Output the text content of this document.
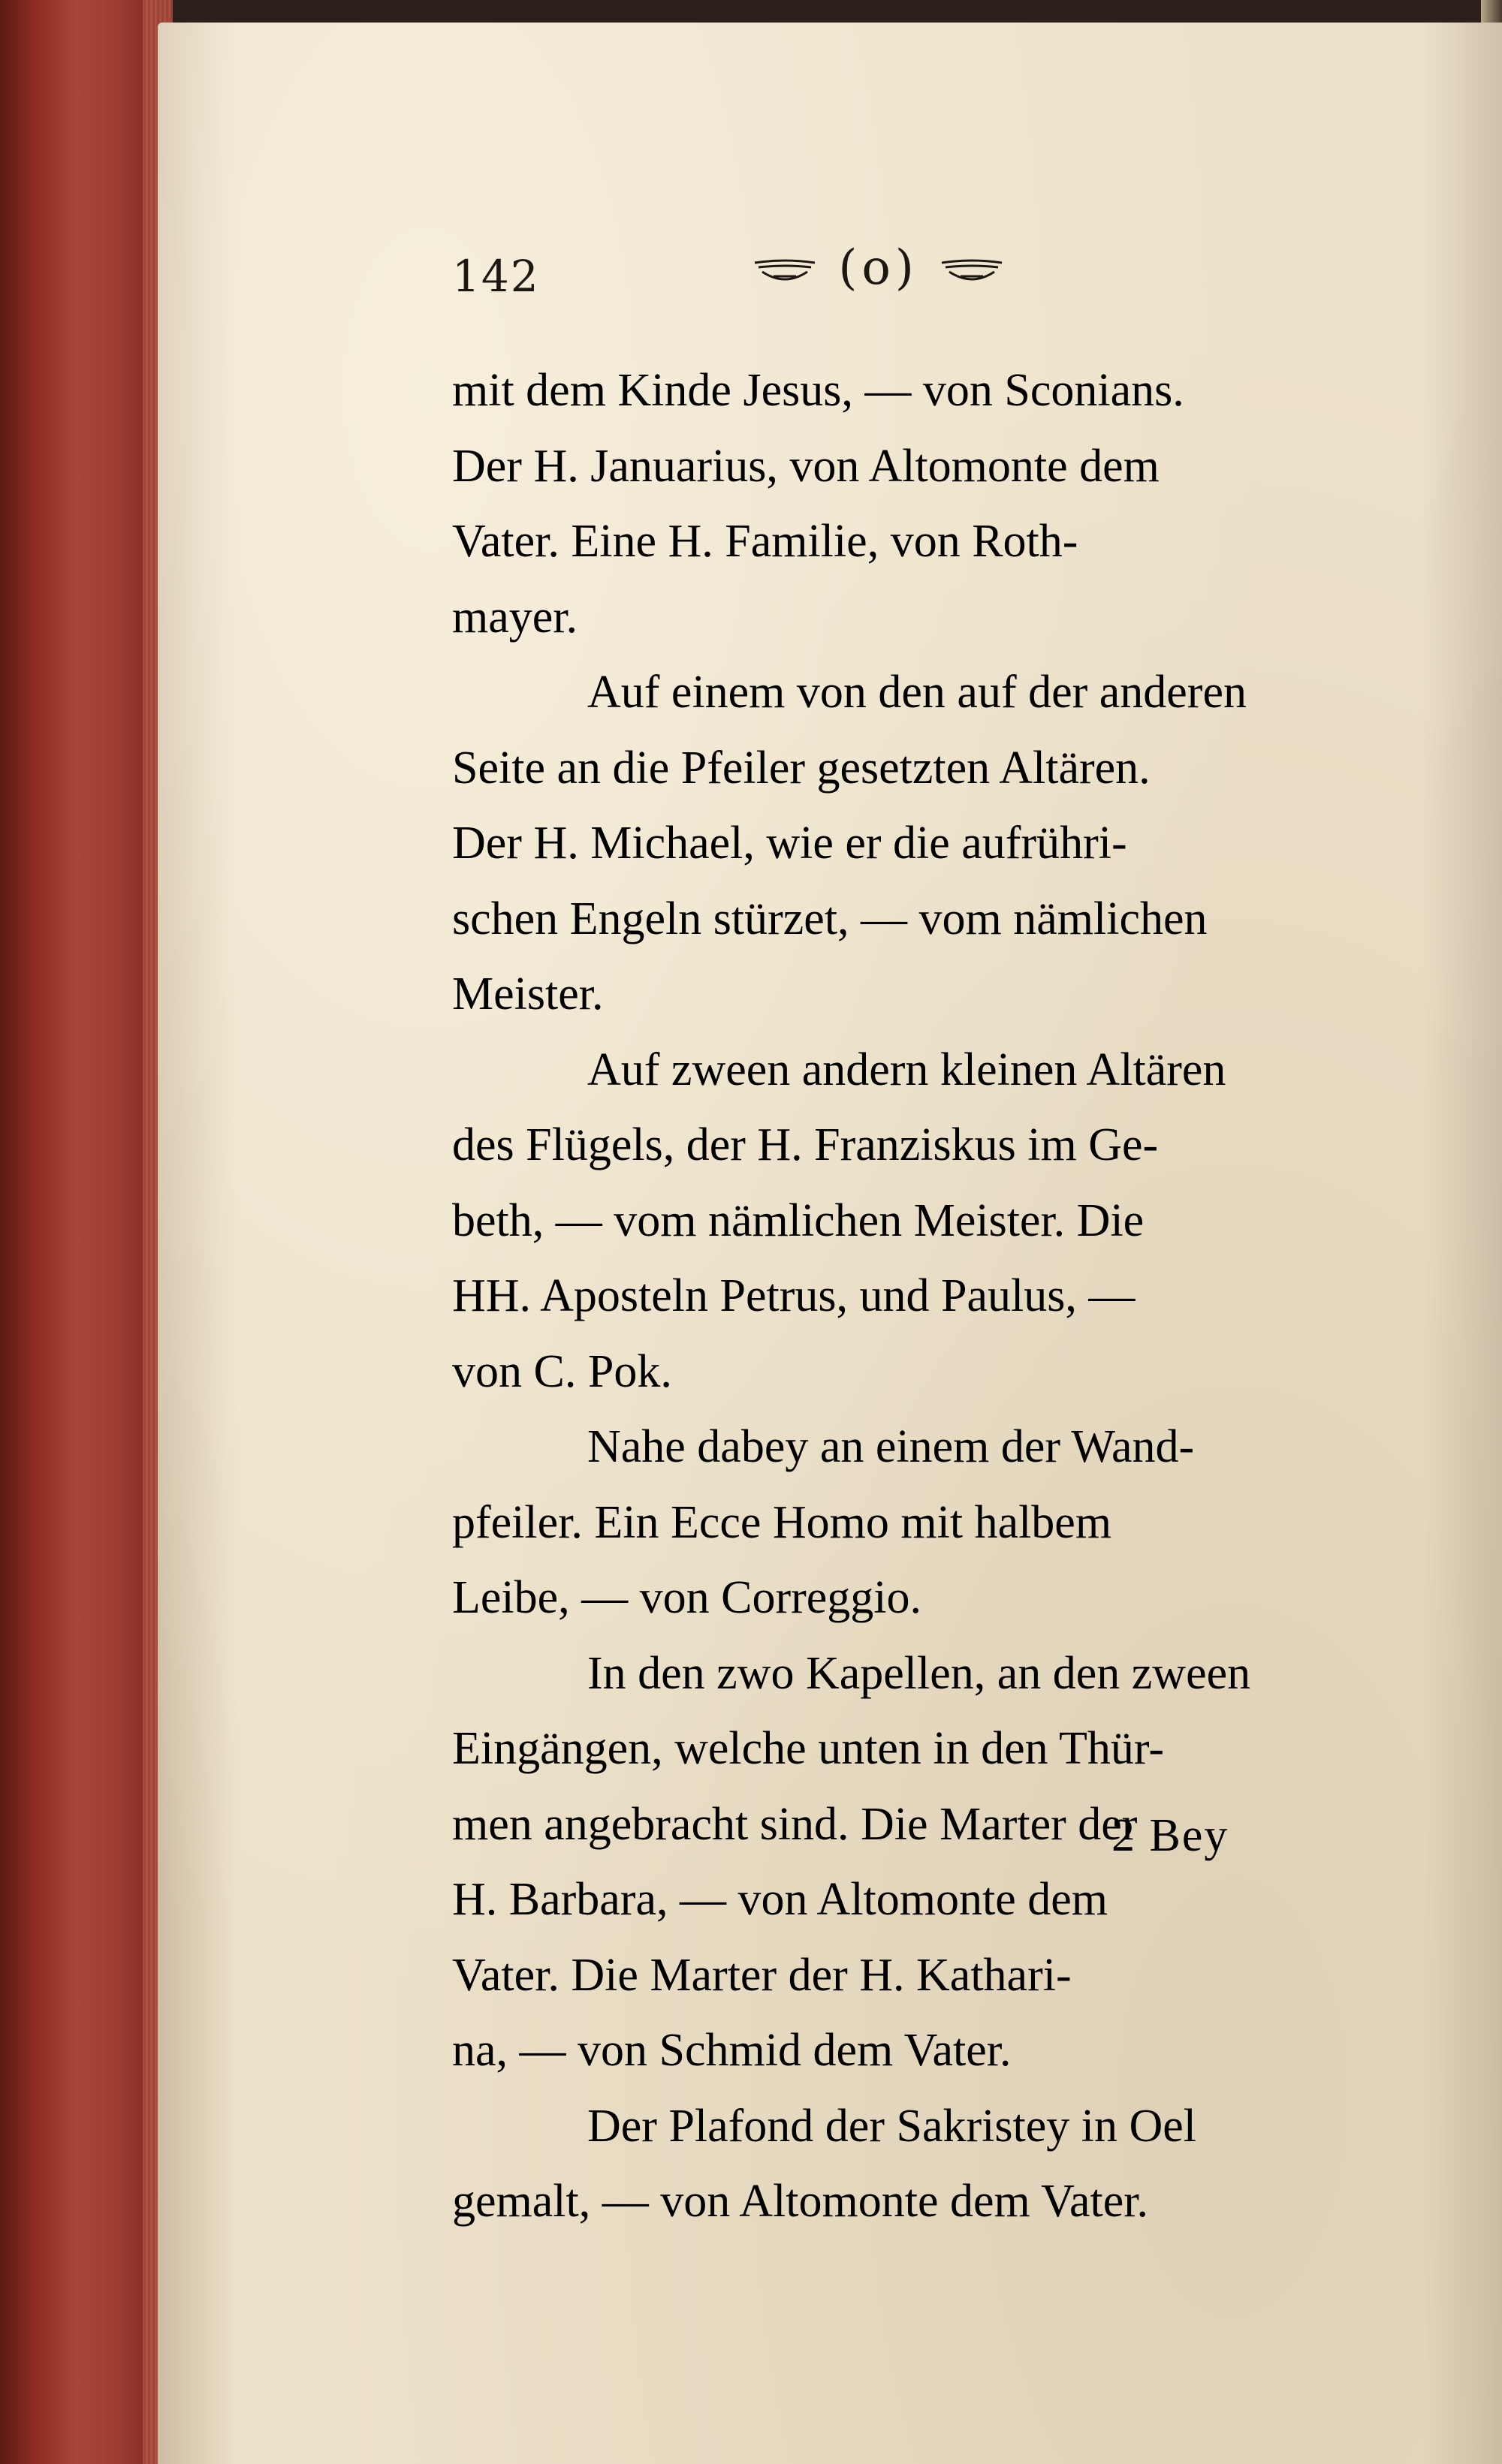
142	(o)
mit dem Kinde Jesus, — von Sconians.
Der H. Januarius, von Altomonte dem
Vater. Eine H. Familie, von Roth-
mayer.
Auf einem von den auf der anderen
Seite an die Pfeiler gesetzten Altären.
Der H. Michael, wie er die aufrühri-
schen Engeln stürzet, — vom nämlichen
Meister.
Auf zween andern kleinen Altären
des Flügels, der H. Franziskus im Ge-
beth, — vom nämlichen Meister. Die
HH. Aposteln Petrus, und Paulus, —
von C. Pok.
Nahe dabey an einem der Wand-
pfeiler. Ein Ecce Homo mit halbem
Leibe, — von Correggio.
In den zwo Kapellen, an den zween
Eingängen, welche unten in den Thür-
men angebracht sind. Die Marter der
H. Barbara, — von Altomonte dem
Vater. Die Marter der H. Kathari-
na, — von Schmid dem Vater.
Der Plafond der Sakristey in Oel
gemalt, — von Altomonte dem Vater.
2 Bey
